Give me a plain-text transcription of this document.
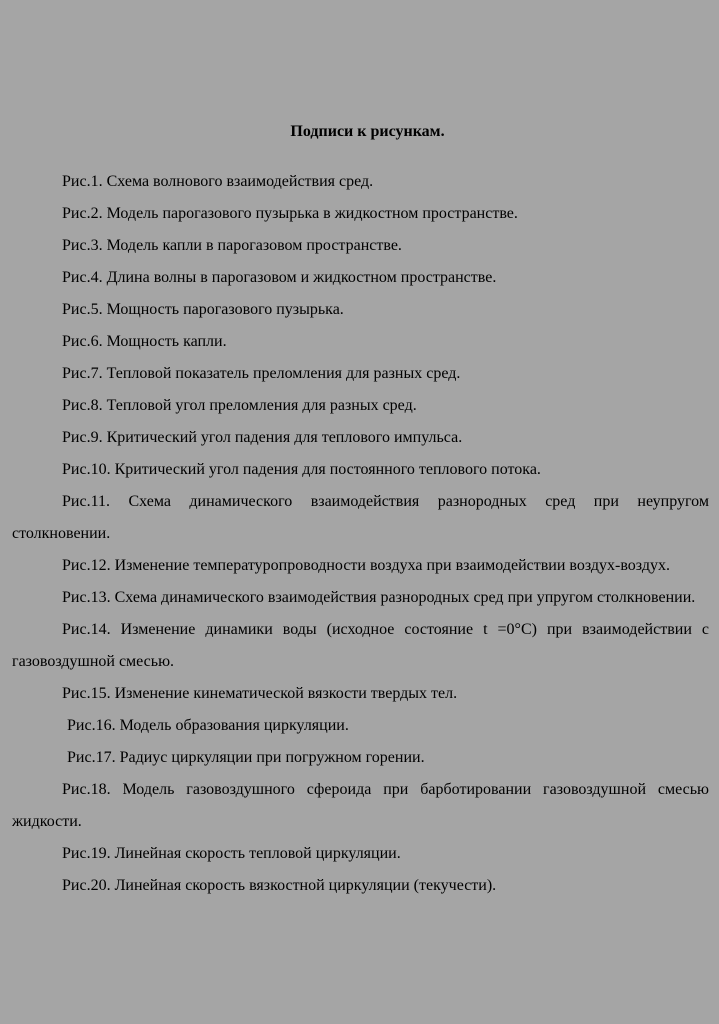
Подписи к рисункам.

Рис.1. Схема волнового взаимодействия сред.

Рис.2. Модель парогазового пузырька в жидкостном пространстве.

Рис.3. Модель капли в парогазовом пространстве.

Рис.4. Длина волны в парогазовом и жидкостном пространстве.

Рис.5. Мощность парогазового пузырька.

Рис.6. Мощность капли.

Рис.7. Тепловой показатель преломления для разных сред.

Рис.8. Тепловой угол преломления для разных сред.

Рис.9. Критический угол падения для теплового импульса.

Рис.10. Критический угол падения для постоянного теплового потока.

Рис.11. Схема динамического взаимодействия разнородных сред при неупругом столкновении.

Рис.12. Изменение температуропроводности воздуха при взаимодействии воздух-воздух.

Рис.13. Схема динамического взаимодействия разнородных сред при упругом столкновении.

Рис.14. Изменение динамики воды (исходное состояние t =0°С) при взаимодействии с газовоздушной смесью.

Рис.15. Изменение кинематической вязкости твердых тел.

Рис.16. Модель образования циркуляции.

Рис.17. Радиус циркуляции при погружном горении.

Рис.18. Модель газовоздушного сфероида при барботировании газовоздушной смесью жидкости.

Рис.19. Линейная скорость тепловой циркуляции.

Рис.20. Линейная скорость вязкостной циркуляции (текучести).
